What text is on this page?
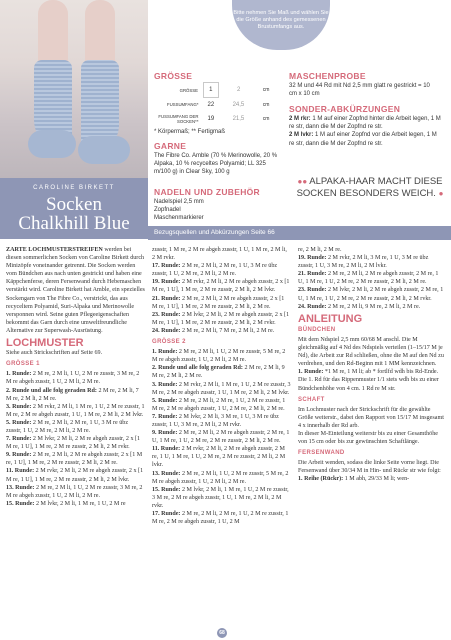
CAROLINE BIRKETT
Socken
Chalkhill Blue
Bitte nehmen Sie Maß und wählen Sie die Größe anhand des gemessenen Brustumfangs aus.
GRÖSSE
GRÖSSE	1	2	cm
FUSSUMFANG*	22	24,5	cm
FUSSUMFANG DER SOCKEN**	19	21,5	cm
* Körpermaß; ** Fertigmaß
GARNE
The Fibre Co. Amble (70 % Merinowolle, 20 % Alpaka, 10 % recyceltes Polyamid; LL 325 m/100 g) in Clear Sky, 100 g
NADELN UND ZUBEHÖR
Nadelspiel 2,5 mm
Zopfnadel
Maschenmarkierer
MASCHENPROBE
32 M und 44 Rd mit Nd 2,5 mm glatt re gestrickt = 10 cm x 10 cm
SONDER-ABKÜRZUNGEN
2 M rkr: 1 M auf einer Zopfnd hinter die Arbeit legen, 1 M re str, dann die M der Zopfnd re str.
2 M lvkr: 1 M auf einer Zopfnd vor die Arbeit legen, 1 M re str, dann die M der Zopfnd re str.
●● ALPAKA-HAAR MACHT DIESE SOCKEN BESONDERS WEICH. ●
Bezugsquellen und Abkürzungen Seite 66

ZARTE LOCHMUSTERSTREIFEN werden bei diesen sommerlichen Socken von Caroline Birkett durch Minizöpfe voneinander getrennt. Die Socken werden vom Bündchen aus nach unten gestrickt und haben eine Käppchenferse, deren Fersenwand durch Hebemaschen verstärkt wird. Caroline Birkett hat Amble, ein spezielles Sockengarn von The Fibre Co., verstrickt, das aus recyceltem Polyamid, Suri-Alpaka und Merinowolle versponnen wird. Seine guten Pflegeeigenschaften bekommt das Garn durch eine umweltfreundliche Alternative zur Superwash-Ausrüstung.

LOCHMUSTER

Siehe auch Strickschriften auf Seite 69.

GRÖSSE 1

1. Runde: 2 M re, 2 M li, 1 U, 2 M re zusstr, 3 M re, 2 M re abgeh zusstr, 1 U, 2 M li, 2 M re.

2. Runde und alle folg geraden Rd: 2 M re, 2 M li, 7 M re, 2 M li, 2 M re.

3. Runde: 2 M rvkr, 2 M li, 1 M re, 1 U, 2 M re zusstr, 1 M re, 2 M re abgeh zusstr, 1 U, 1 M re, 2 M li, 2 M lvkr.

5. Runde: 2 M re, 2 M li, 2 M re, 1 U, 3 M re übz zusstr, 1 U, 2 M re, 2 M li, 2 M re.

7. Runde: 2 M lvkr, 2 M li, 2 M re abgeh zusstr, 2 x [1 M re, 1 U], 1 M re, 2 M re zusstr, 2 M li, 2 M rvkr.

9. Runde: 2 M re, 2 M li, 2 M re abgeh zusstr, 2 x [1 M re, 1 U], 1 M re, 2 M re zusstr, 2 M li, 2 M re.

11. Runde: 2 M rvkr, 2 M li, 2 M re abgeh zusstr, 2 x [1 M re, 1 U], 1 M re, 2 M re zusstr, 2 M li, 2 M lvkr.

13. Runde: 2 M re, 2 M li, 1 U, 2 M re zusstr, 3 M re, 2 M re abgeh zusstr, 1 U, 2 M li, 2 M re.

15. Runde: 2 M lvkr, 2 M li, 1 M re, 1 U, 2 M re

zusstr, 1 M re, 2 M re abgeh zusstr, 1 U, 1 M re, 2 M li, 2 M rvkr.

17. Runde: 2 M re, 2 M li, 2 M re, 1 U, 3 M re übz zusstr, 1 U, 2 M re, 2 M li, 2 M re.

19. Runde: 2 M rvkr, 2 M li, 2 M re abgeh zusstr, 2 x [1 M re, 1 U], 1 M re, 2 M re zusstr, 2 M li, 2 M lvkr.

21. Runde: 2 M re, 2 M li, 2 M re abgeh zusstr, 2 x [1 M re, 1 U], 1 M re, 2 M re zusstr, 2 M li, 2 M re.

23. Runde: 2 M lvkr, 2 M li, 2 M re abgeh zusstr, 2 x [1 M re, 1 U], 1 M re, 2 M re zusstr, 2 M li, 2 M rvkr.

24. Runde: 2 M re, 2 M li, 7 M re, 2 M li, 2 M re.

GRÖSSE 2

1. Runde: 2 M re, 2 M li, 1 U, 2 M re zusstr, 5 M re, 2 M re abgeh zusstr, 1 U, 2 M li, 2 M re.

2. Runde und alle folg geraden Rd: 2 M re, 2 M li, 9 M re, 2 M li, 2 M re.

3. Runde: 2 M rvkr, 2 M li, 1 M re, 1 U, 2 M re zusstr, 3 M re, 2 M re abgeh zusstr, 1 U, 1 M re, 2 M li, 2 M lvkr.

5. Runde: 2 M re, 2 M li, 2 M re, 1 U, 2 M re zusstr, 1 M re, 2 M re abgeh zusstr, 1 U, 2 M re, 2 M li, 2 M re.

7. Runde: 2 M lvkr, 2 M li, 3 M re, 1 U, 3 M re übz zusstr, 1 U, 3 M re, 2 M li, 2 M rvkr.

9. Runde: 2 M re, 2 M li, 2 M re abgeh zusstr, 2 M re, 1 U, 1 M re, 1 U, 2 M re, 2 M re zusstr, 2 M li, 2 M re.

11. Runde: 2 M rvkr, 2 M li, 2 M re abgeh zusstr, 2 M re, 1 U, 1 M re, 1 U, 2 M re, 2 M re zusstr, 2 M li, 2 M lvkr.

13. Runde: 2 M re, 2 M li, 1 U, 2 M re zusstr, 5 M re, 2 M re abgeh zusstr, 1 U, 2 M li, 2 M re.

15. Runde: 2 M lvkr, 2 M li, 1 M re, 1 U, 2 M re zusstr, 3 M re, 2 M re abgeh zusstr, 1 U, 1 M re, 2 M li, 2 M rvkr.

17. Runde: 2 M re, 2 M li, 2 M re, 1 U, 2 M re zusstr, 1 M re, 2 M re abgeh zusstr, 1 U, 2 M

re, 2 M li, 2 M re.

19. Runde: 2 M rvkr, 2 M li, 3 M re, 1 U, 3 M re übz zusstr, 1 U, 3 M re, 2 M li, 2 M lvkr.

21. Runde: 2 M re, 2 M li, 2 M re abgeh zusstr, 2 M re, 1 U, 1 M re, 1 U, 2 M re, 2 M re zusstr, 2 M li, 2 M re.

23. Runde: 2 M lvkr, 2 M li, 2 M re abgeh zusstr, 2 M re, 1 U, 1 M re, 1 U, 2 M re, 2 M re zusstr, 2 M li, 2 M rvkr.

24. Runde: 2 M re, 2 M li, 9 M re, 2 M li, 2 M re.

ANLEITUNG
BÜNDCHEN

Mit dem Ndspiel 2,5 mm 60/68 M anschl. Die M gleichmäßig auf 4 Nd des Ndspiels verteilen (1–15/17 M je Nd), die Arbeit zur Rd schließen, ohne die M auf den Nd zu verdrehen, und den Rd-Beginn mit 1 MM kennzeichnen.

1. Runde: *1 M re, 1 M li; ab * fortlfd wdh bis Rd-Ende.

Die 1. Rd für das Rippenmuster 1/1 stets wdh bis zu einer Bündchenhöhe von 4 cm. 1 Rd re M str.

SCHAFT

Im Lochmuster nach der Strickschrift für die gewählte Größe weiterstr., dabei den Rapport von 15/17 M insgesamt 4 x innerhalb der Rd arb.

In dieser M-Einteilung weiterstr bis zu einer Gesamthöhe von 15 cm oder bis zur gewünschten Schaftlänge.

FERSENWAND

Die Arbeit wenden, sodass die linke Seite vorne liegt. Die Fersenwand über 30/34 M in Hin- und Rückr str wie folgt:

1. Reihe (Rückr): 1 M abh, 29/33 M li; wen-

68
